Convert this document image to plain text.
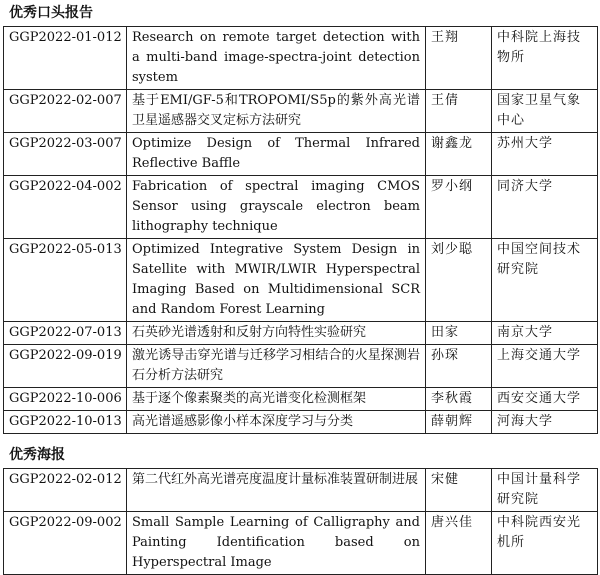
优秀口头报告
GGP2022-01-012	Research on remote target detection with a multi-band image-spectra-joint detection system	王翔	中科院上海技物所
GGP2022-02-007	基于EMI/GF-5和TROPOMI/S5p的紫外高光谱卫星遥感器交叉定标方法研究	王倩	国家卫星气象中心
GGP2022-03-007	Optimize Design of Thermal Infrared Reflective Baffle	谢鑫龙	苏州大学
GGP2022-04-002	Fabrication of spectral imaging CMOS Sensor using grayscale electron beam lithography technique	罗小纲	同济大学
GGP2022-05-013	Optimized Integrative System Design in Satellite with MWIR/LWIR Hyperspectral Imaging Based on Multidimensional SCR and Random Forest Learning	刘少聪	中国空间技术研究院
GGP2022-07-013	石英砂光谱透射和反射方向特性实验研究	田家	南京大学
GGP2022-09-019	激光诱导击穿光谱与迁移学习相结合的火星探测岩石分析方法研究	孙琛	上海交通大学
GGP2022-10-006	基于逐个像素聚类的高光谱变化检测框架	李秋霞	西安交通大学
GGP2022-10-013	高光谱遥感影像小样本深度学习与分类	薛朝辉	河海大学
优秀海报
GGP2022-02-012	第二代红外高光谱亮度温度计量标准装置研制进展	宋健	中国计量科学研究院
GGP2022-09-002	Small Sample Learning of Calligraphy and Painting Identification based on Hyperspectral Image	唐兴佳	中科院西安光机所
